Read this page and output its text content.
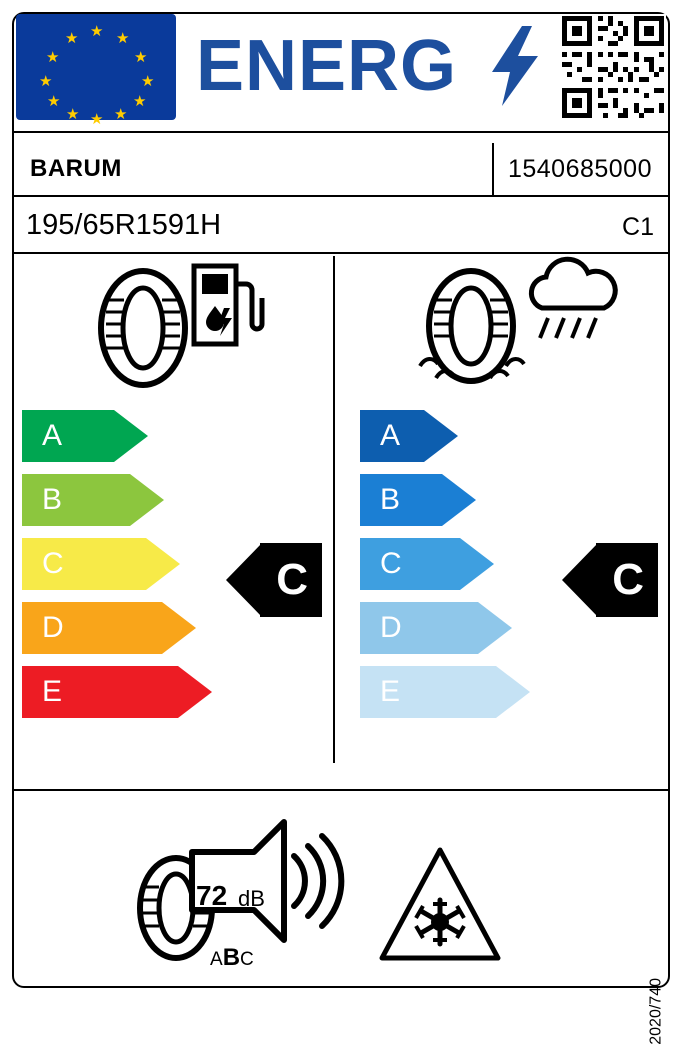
★ ★
★
★
★
★
★
★
★
★
★
★ ENERG
BARUM	1540685000
195/65R1591H	C1
A
B
C
D
E
C
A
B
C
D
E
C
72 dB
ABC
2020/740
